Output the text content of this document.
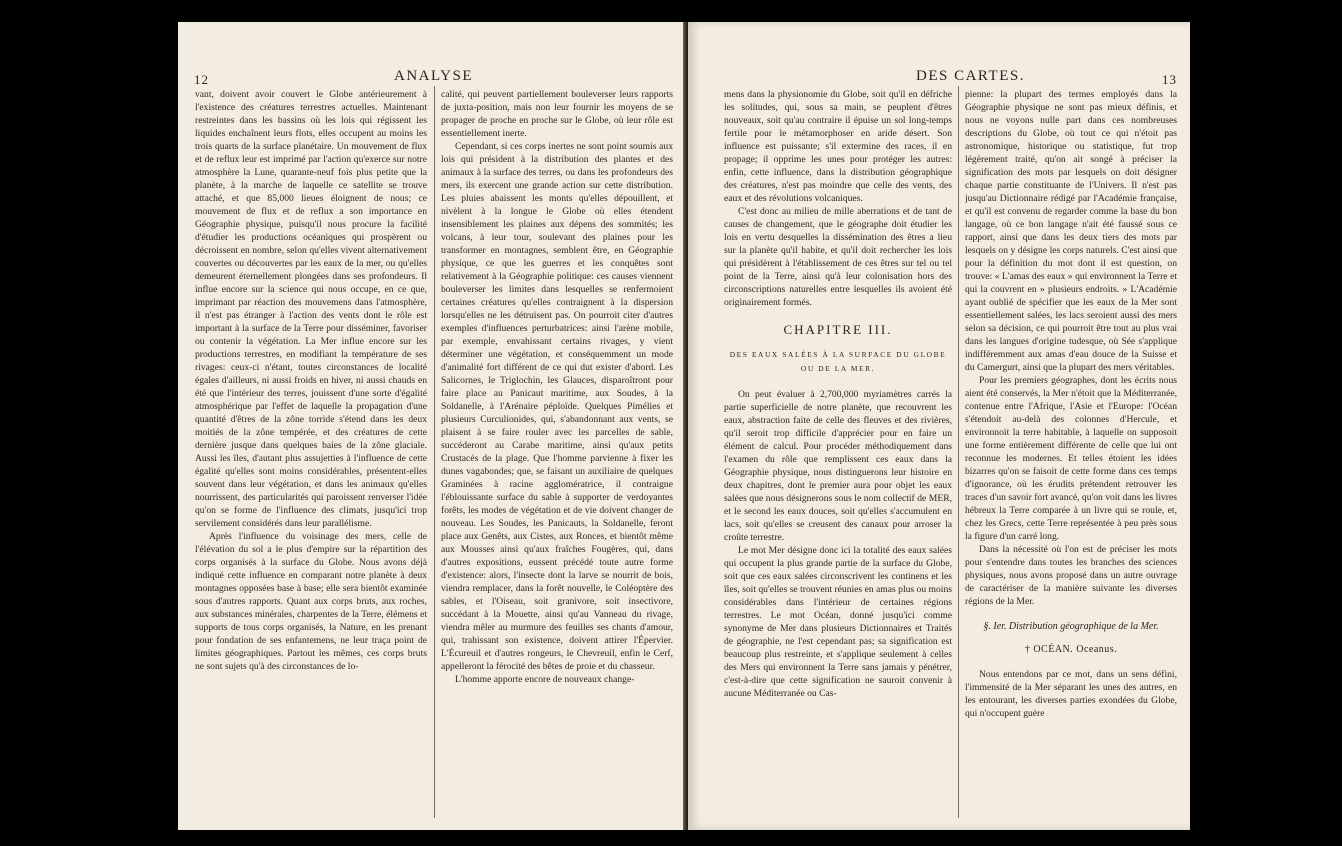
12	ANALYSE

vant, doivent avoir couvert le Globe antérieurement à l'existence des créatures terrestres actuelles. Maintenant restreintes dans les bassins où les lois qui régissent les liquides enchaînent leurs flots, elles occupent au moins les trois quarts de la surface planétaire. Un mouvement de flux et de reflux leur est imprimé par l'action qu'exerce sur notre atmosphère la Lune, quarante-neuf fois plus petite que la planète, à la marche de laquelle ce satellite se trouve attaché, et que 85,000 lieues éloignent de nous; ce mouvement de flux et de reflux a son importance en Géographie physique, puisqu'il nous procure la facilité d'étudier les productions océaniques qui prospèrent ou décroissent en nombre, selon qu'elles vivent alternativement couvertes ou découvertes par les eaux de la mer, ou qu'elles demeurent éternellement plongées dans ses profondeurs. Il influe encore sur la science qui nous occupe, en ce que, imprimant par réaction des mouvemens dans l'atmosphère, il n'est pas étranger à l'action des vents dont le rôle est important à la surface de la Terre pour disséminer, favoriser ou contenir la végétation. La Mer influe encore sur les productions terrestres, en modifiant la température de ses rivages: ceux-ci n'étant, toutes circonstances de localité égales d'ailleurs, ni aussi froids en hiver, ni aussi chauds en été que l'intérieur des terres, jouissent d'une sorte d'égalité atmosphérique par l'effet de laquelle la propagation d'une quantité d'êtres de la zône torride s'étend dans les deux moitiés de la zône tempérée, et des créatures de cette dernière jusque dans quelques baies de la zône glaciale. Aussi les îles, d'autant plus assujetties à l'influence de cette égalité qu'elles sont moins considérables, présentent-elles souvent dans leur végétation, et dans les animaux qu'elles nourrissent, des particularités qui paroissent renverser l'idée qu'on se forme de l'influence des climats, jusqu'ici trop servilement considérés dans leur parallélisme.

Après l'influence du voisinage des mers, celle de l'élévation du sol a le plus d'empire sur la répartition des corps organisés à la surface du Globe. Nous avons déjà indiqué cette influence en comparant notre planète à deux montagnes opposées base à base; elle sera bientôt examinée sous d'autres rapports. Quant aux corps bruts, aux roches, aux substances minérales, charpentes de la Terre, élémens et supports de tous corps organisés, la Nature, en les prenant pour fondation de ses enfantemens, ne leur traça point de limites géographiques. Partout les mêmes, ces corps bruts ne sont sujets qu'à des circonstances de lo-

calité, qui peuvent partiellement bouleverser leurs rapports de juxta-position, mais non leur fournir les moyens de se propager de proche en proche sur le Globe, où leur rôle est essentiellement inerte.

Cependant, si ces corps inertes ne sont point soumis aux lois qui président à la distribution des plantes et des animaux à la surface des terres, ou dans les profondeurs des mers, ils exercent une grande action sur cette distribution. Les pluies abaissent les monts qu'elles dépouillent, et nivèlent à la longue le Globe où elles étendent insensiblement les plaines aux dépens des sommités; les volcans, à leur tour, soulevant des plaines pour les transformer en montagnes, semblent être, en Géographie physique, ce que les guerres et les conquêtes sont relativement à la Géographie politique: ces causes viennent bouleverser les limites dans lesquelles se renfermoient certaines créatures qu'elles contraignent à la dispersion lorsqu'elles ne les détruisent pas. On pourroit citer d'autres exemples d'influences perturbatrices: ainsi l'arène mobile, par exemple, envahissant certains rivages, y vient déterminer une végétation, et conséquemment un mode d'animalité fort différent de ce qui dut exister d'abord. Les Salicornes, le Triglochin, les Glauces, disparoîtront pour faire place au Panicaut maritime, aux Soudes, à la Soldanelle, à l'Arénaire péploïde. Quelques Pimélies et plusieurs Curculionides, qui, s'abandonnant aux vents, se plaisent à se faire rouler avec les parcelles de sable, succéderont au Carabe maritime, ainsi qu'aux petits Crustacés de la plage. Que l'homme parvienne à fixer les dunes vagabondes; que, se faisant un auxiliaire de quelques Graminées à racine agglomératrice, il contraigne l'éblouissante surface du sable à supporter de verdoyantes forêts, les modes de végétation et de vie doivent changer de nouveau. Les Soudes, les Panicauts, la Soldanelle, feront place aux Genêts, aux Cistes, aux Ronces, et bientôt même aux Mousses ainsi qu'aux fraîches Fougères, qui, dans d'autres expositions, eussent précédé toute autre forme d'existence: alors, l'insecte dont la larve se nourrit de bois, viendra remplacer, dans la forêt nouvelle, le Coléoptère des sables, et l'Oiseau, soit granivore, soit insectivore, succédant à la Mouette, ainsi qu'au Vanneau du rivage, viendra mêler au murmure des feuilles ses chants d'amour, qui, trahissant son existence, doivent attirer l'Épervier. L'Écureuil et d'autres rongeurs, le Chevreuil, enfin le Cerf, appelleront la férocité des bêtes de proie et du chasseur.

L'homme apporte encore de nouveaux change-

DES CARTES.	13

mens dans la physionomie du Globe, soit qu'il en défriche les solitudes, qui, sous sa main, se peuplent d'êtres nouveaux, soit qu'au contraire il épuise un sol long-temps fertile pour le métamorphoser en aride désert. Son influence est puissante; s'il extermine des races, il en propage; il opprime les unes pour protéger les autres: enfin, cette influence, dans la distribution géographique des créatures, n'est pas moindre que celle des vents, des eaux et des révolutions volcaniques.

C'est donc au milieu de mille aberrations et de tant de causes de changement, que le géographe doit étudier les lois en vertu desquelles la dissémination des êtres a lieu sur la planète qu'il habite, et qu'il doit rechercher les lois qui présidèrent à l'établissement de ces êtres sur tel ou tel point de la Terre, ainsi qu'à leur colonisation hors des circonscriptions naturelles entre lesquelles ils avoient été originairement formés.

CHAPITRE III.
DES EAUX SALÉES À LA SURFACE DU GLOBE OU DE LA MER.

On peut évaluer à 2,700,000 myriamètres carrés la partie superficielle de notre planète, que recouvrent les eaux, abstraction faite de celle des fleuves et des rivières, qu'il seroit trop difficile d'apprécier pour en faire un élément de calcul. Pour procéder méthodiquement dans l'examen du rôle que remplissent ces eaux dans la Géographie physique, nous distinguerons leur histoire en deux chapitres, dont le premier aura pour objet les eaux salées que nous désignerons sous le nom collectif de MER, et le second les eaux douces, soit qu'elles s'accumulent en lacs, soit qu'elles se creusent des canaux pour arroser la croûte terrestre.

Le mot Mer désigne donc ici la totalité des eaux salées qui occupent la plus grande partie de la surface du Globe, soit que ces eaux salées circonscrivent les continens et les îles, soit qu'elles se trouvent réunies en amas plus ou moins considérables dans l'intérieur de certaines régions terrestres. Le mot Océan, donné jusqu'ici comme synonyme de Mer dans plusieurs Dictionnaires et Traités de géographie, ne l'est cependant pas; sa signification est beaucoup plus restreinte, et s'applique seulement à celles des Mers qui environnent la Terre sans jamais y pénétrer, c'est-à-dire que cette signification ne sauroit convenir à aucune Méditerranée ou Cas-

pienne: la plupart des termes employés dans la Géographie physique ne sont pas mieux définis, et nous ne voyons nulle part dans ces nombreuses descriptions du Globe, où tout ce qui n'étoit pas astronomique, historique ou statistique, fut trop légèrement traité, qu'on ait songé à préciser la signification des mots par lesquels on doit désigner chaque partie constituante de l'Univers. Il n'est pas jusqu'au Dictionnaire rédigé par l'Académie française, et qu'il est convenu de regarder comme la base du bon langage, où ce bon langage n'ait été faussé sous ce rapport, ainsi que dans les deux tiers des mots par lesquels on y désigne les corps naturels. C'est ainsi que pour la définition du mot dont il est question, on trouve: « L'amas des eaux » qui environnent la Terre et qui la couvrent en » plusieurs endroits. » L'Académie ayant oublié de spécifier que les eaux de la Mer sont essentiellement salées, les lacs seroient aussi des mers selon sa décision, ce qui pourroit être tout au plus vrai dans les langues d'origine tudesque, où Sée s'applique indifféremment aux amas d'eau douce de la Suisse et du Camergurt, ainsi que la plupart des mers véritables.

Pour les premiers géographes, dont les écrits nous aient été conservés, la Mer n'étoit que la Méditerranée, contenue entre l'Afrique, l'Asie et l'Europe: l'Océan s'étendoit au-delà des colonnes d'Hercule, et environnoit la terre habitable, à laquelle on supposoit une forme entièrement différente de celle que lui ont reconnue les modernes. Et telles étoient les idées bizarres qu'on se faisoit de cette forme dans ces temps d'ignorance, où les érudits prétendent retrouver les traces d'un savoir fort avancé, qu'on voit dans les livres hébreux la Terre comparée à un livre qui se roule, et, chez les Grecs, cette Terre représentée à peu près sous la figure d'un carré long.

Dans la nécessité où l'on est de préciser les mots pour s'entendre dans toutes les branches des sciences physiques, nous avons proposé dans un autre ouvrage de caractériser de la manière suivante les diverses régions de la Mer.

§. Ier. Distribution géographique de la Mer.
† OCÉAN. Oceanus.

Nous entendons par ce mot, dans un sens défini, l'immensité de la Mer séparant les unes des autres, en les entourant, les diverses parties exondées du Globe, qui n'occupent guère
